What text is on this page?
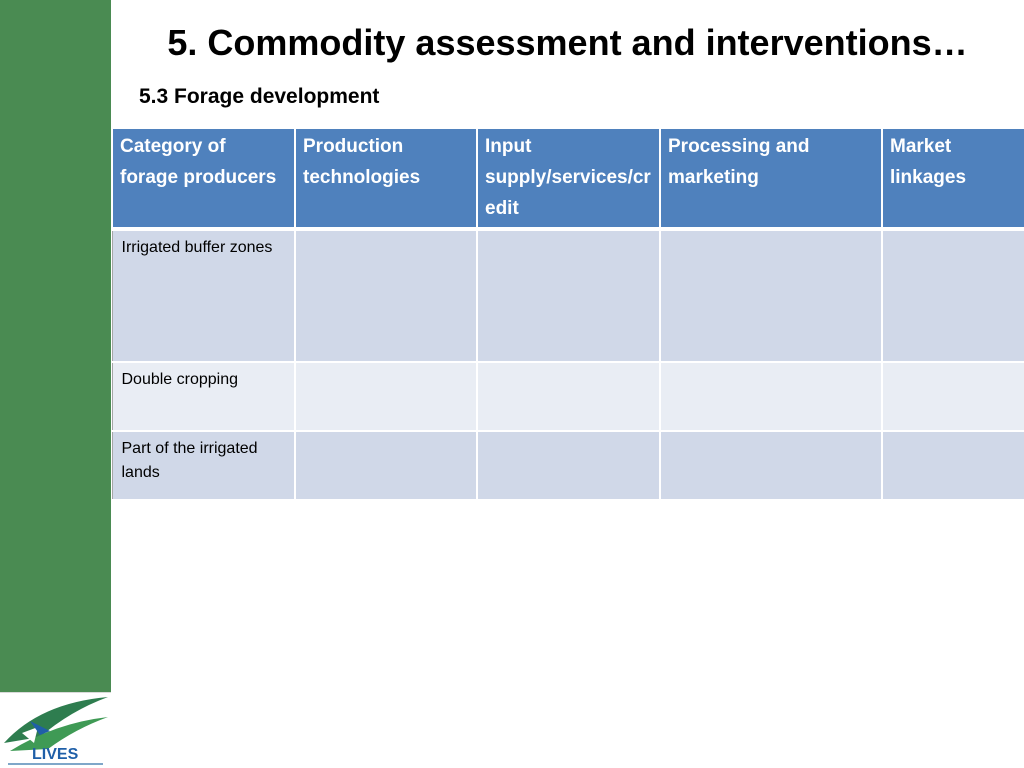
LIVES
5. Commodity assessment and interventions…
5.3 Forage development
Category of forage producers	Production technologies	Input supply/services/credit	Processing and marketing	Market linkages
Irrigated buffer zones				
Double cropping				
Part of the irrigated lands				
